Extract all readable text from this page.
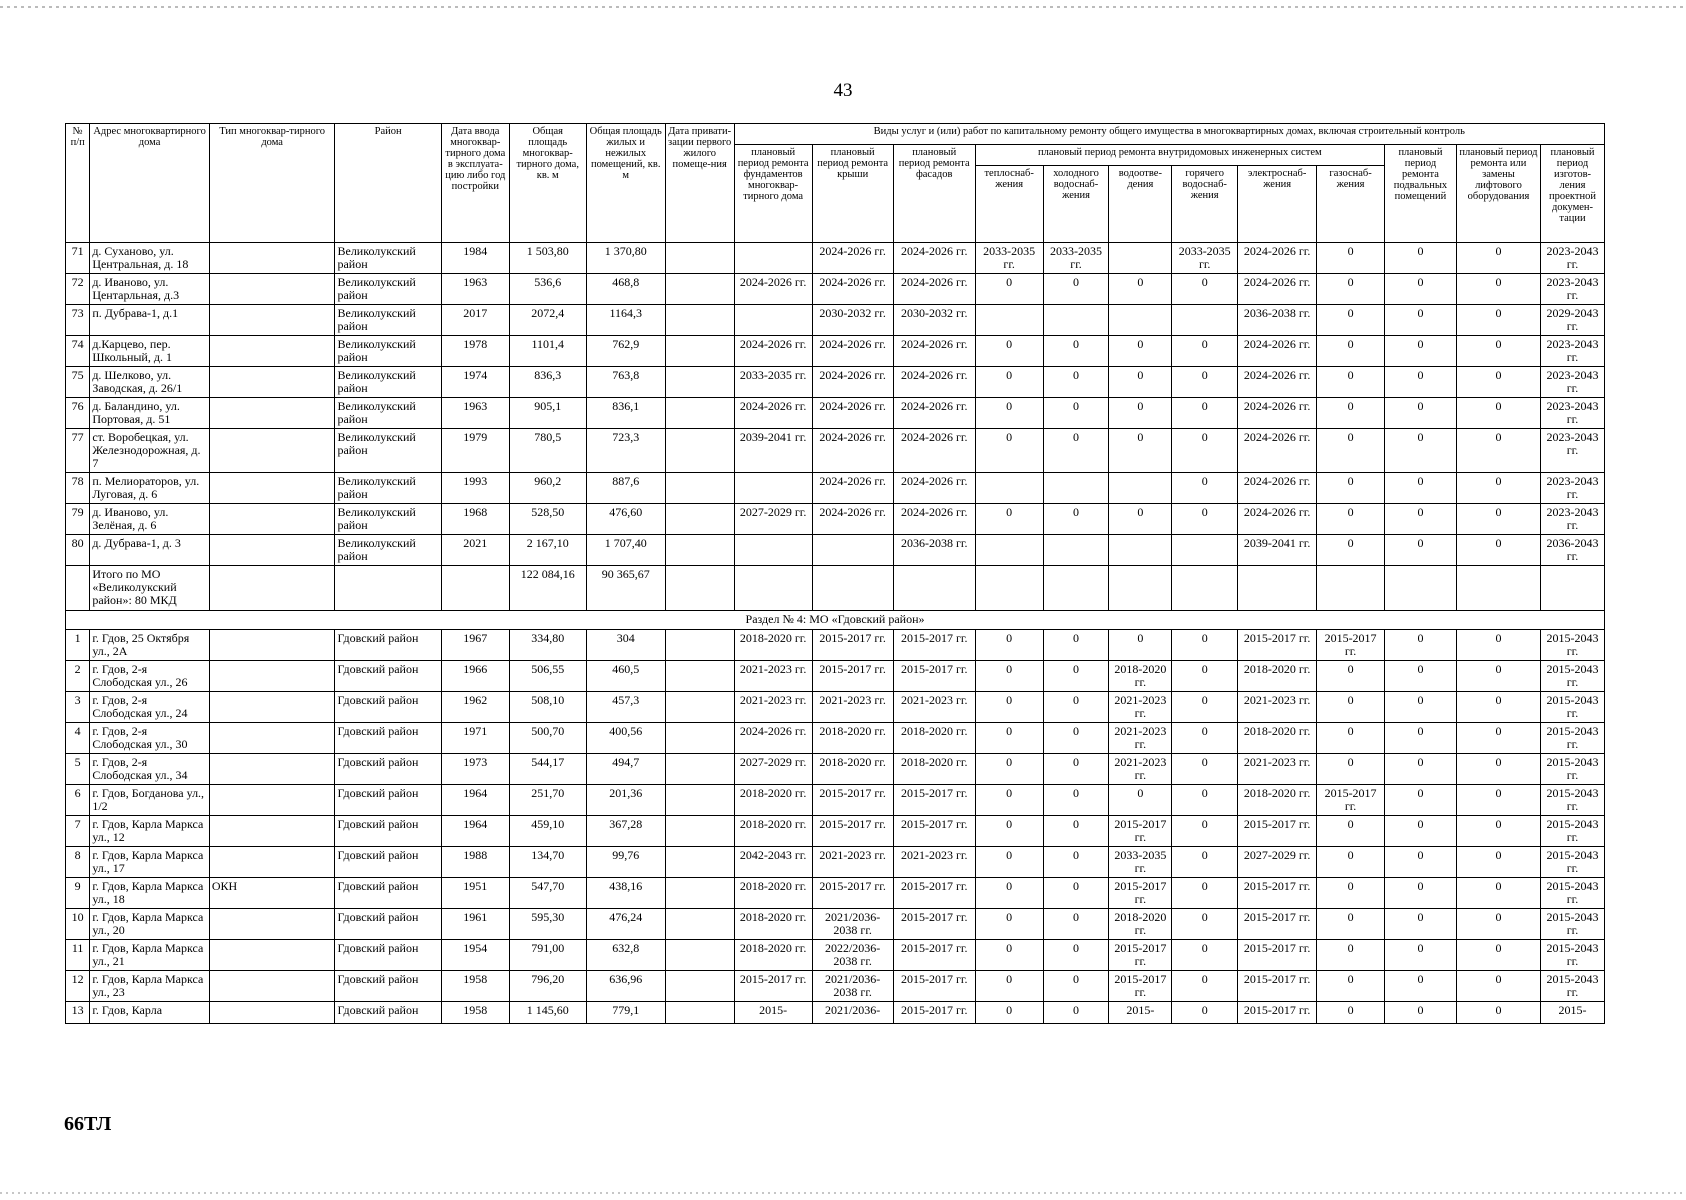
43
№ п/п	Адрес многоквартирного дома	Тип многоквар-тирного дома	Район	Дата ввода многоквар-тирного дома в эксплуата-цию либо год постройки	Общая площадь многоквар-тирного дома, кв. м	Общая площадь жилых и нежилых помещений, кв. м	Дата привати-зации первого жилого помеще-ния	Виды услуг и (или) работ по капитальному ремонту общего имущества в многоквартирных домах, включая строительный контроль											
								плановый период ремонта фундаментов многоквар-тирного дома	плановый период ремонта крыши	плановый период ремонта фасадов	плановый период ремонта внутридомовых инженерных систем						плановый период ремонта подвальных помещений	плановый период ремонта или замены лифтового оборудования	плановый период изготов-ления проектной докумен-тации
											теплоснаб-жения	холодного водоснаб-жения	водоотве-дения	горячего водоснаб-жения	электроснаб-жения	газоснаб-жения			
71	д. Суханово, ул. Центральная, д. 18		Великолукский район	1984	1 503,80	1 370,80			2024-2026 гг.	2024-2026 гг.	2033-2035 гг.	2033-2035 гг.		2033-2035 гг.	2024-2026 гг.	0	0	0	2023-2043 гг.
72	д. Иваново, ул. Центарльная, д.3		Великолукский район	1963	536,6	468,8		2024-2026 гг.	2024-2026 гг.	2024-2026 гг.	0	0	0	0	2024-2026 гг.	0	0	0	2023-2043 гг.
73	п. Дубрава-1, д.1		Великолукский район	2017	2072,4	1164,3			2030-2032 гг.	2030-2032 гг.					2036-2038 гг.	0	0	0	2029-2043 гг.
74	д.Карцево, пер. Школьный, д. 1		Великолукский район	1978	1101,4	762,9		2024-2026 гг.	2024-2026 гг.	2024-2026 гг.	0	0	0	0	2024-2026 гг.	0	0	0	2023-2043 гг.
75	д. Шелково, ул. Заводская, д. 26/1		Великолукский район	1974	836,3	763,8		2033-2035 гг.	2024-2026 гг.	2024-2026 гг.	0	0	0	0	2024-2026 гг.	0	0	0	2023-2043 гг.
76	д. Баландино, ул. Портовая, д. 51		Великолукский район	1963	905,1	836,1		2024-2026 гг.	2024-2026 гг.	2024-2026 гг.	0	0	0	0	2024-2026 гг.	0	0	0	2023-2043 гг.
77	ст. Воробецкая, ул. Железнодорожная, д. 7		Великолукский район	1979	780,5	723,3		2039-2041 гг.	2024-2026 гг.	2024-2026 гг.	0	0	0	0	2024-2026 гг.	0	0	0	2023-2043 гг.
78	п. Мелиораторов, ул. Луговая, д. 6		Великолукский район	1993	960,2	887,6			2024-2026 гг.	2024-2026 гг.				0	2024-2026 гг.	0	0	0	2023-2043 гг.
79	д. Иваново, ул. Зелёная, д. 6		Великолукский район	1968	528,50	476,60		2027-2029 гг.	2024-2026 гг.	2024-2026 гг.	0	0	0	0	2024-2026 гг.	0	0	0	2023-2043 гг.
80	д. Дубрава-1, д. 3		Великолукский район	2021	2 167,10	1 707,40				2036-2038 гг.					2039-2041 гг.	0	0	0	2036-2043 гг.
	Итого по МО «Великолукский район»: 80 МКД				122 084,16	90 365,67													
Раздел № 4: МО «Гдовский район»																			
1	г. Гдов, 25 Октября ул., 2А		Гдовский район	1967	334,80	304		2018-2020 гг.	2015-2017 гг.	2015-2017 гг.	0	0	0	0	2015-2017 гг.	2015-2017 гг.	0	0	2015-2043 гг.
2	г. Гдов, 2-я Слободская ул., 26		Гдовский район	1966	506,55	460,5		2021-2023 гг.	2015-2017 гг.	2015-2017 гг.	0	0	2018-2020 гг.	0	2018-2020 гг.	0	0	0	2015-2043 гг.
3	г. Гдов, 2-я Слободская ул., 24		Гдовский район	1962	508,10	457,3		2021-2023 гг.	2021-2023 гг.	2021-2023 гг.	0	0	2021-2023 гг.	0	2021-2023 гг.	0	0	0	2015-2043 гг.
4	г. Гдов, 2-я Слободская ул., 30		Гдовский район	1971	500,70	400,56		2024-2026 гг.	2018-2020 гг.	2018-2020 гг.	0	0	2021-2023 гг.	0	2018-2020 гг.	0	0	0	2015-2043 гг.
5	г. Гдов, 2-я Слободская ул., 34		Гдовский район	1973	544,17	494,7		2027-2029 гг.	2018-2020 гг.	2018-2020 гг.	0	0	2021-2023 гг.	0	2021-2023 гг.	0	0	0	2015-2043 гг.
6	г. Гдов, Богданова ул., 1/2		Гдовский район	1964	251,70	201,36		2018-2020 гг.	2015-2017 гг.	2015-2017 гг.	0	0	0	0	2018-2020 гг.	2015-2017 гг.	0	0	2015-2043 гг.
7	г. Гдов, Карла Маркса ул., 12		Гдовский район	1964	459,10	367,28		2018-2020 гг.	2015-2017 гг.	2015-2017 гг.	0	0	2015-2017 гг.	0	2015-2017 гг.	0	0	0	2015-2043 гг.
8	г. Гдов, Карла Маркса ул., 17		Гдовский район	1988	134,70	99,76		2042-2043 гг.	2021-2023 гг.	2021-2023 гг.	0	0	2033-2035 гг.	0	2027-2029 гг.	0	0	0	2015-2043 гг.
9	г. Гдов, Карла Маркса ул., 18	ОКН	Гдовский район	1951	547,70	438,16		2018-2020 гг.	2015-2017 гг.	2015-2017 гг.	0	0	2015-2017 гг.	0	2015-2017 гг.	0	0	0	2015-2043 гг.
10	г. Гдов, Карла Маркса ул., 20		Гдовский район	1961	595,30	476,24		2018-2020 гг.	2021/2036-2038 гг.	2015-2017 гг.	0	0	2018-2020 гг.	0	2015-2017 гг.	0	0	0	2015-2043 гг.
11	г. Гдов, Карла Маркса ул., 21		Гдовский район	1954	791,00	632,8		2018-2020 гг.	2022/2036-2038 гг.	2015-2017 гг.	0	0	2015-2017 гг.	0	2015-2017 гг.	0	0	0	2015-2043 гг.
12	г. Гдов, Карла Маркса ул., 23		Гдовский район	1958	796,20	636,96		2015-2017 гг.	2021/2036-2038 гг.	2015-2017 гг.	0	0	2015-2017 гг.	0	2015-2017 гг.	0	0	0	2015-2043 гг.
13	г. Гдов, Карла		Гдовский район	1958	1 145,60	779,1		2015-	2021/2036-	2015-2017 гг.	0	0	2015-	0	2015-2017 гг.	0	0	0	2015-
66ТЛ
